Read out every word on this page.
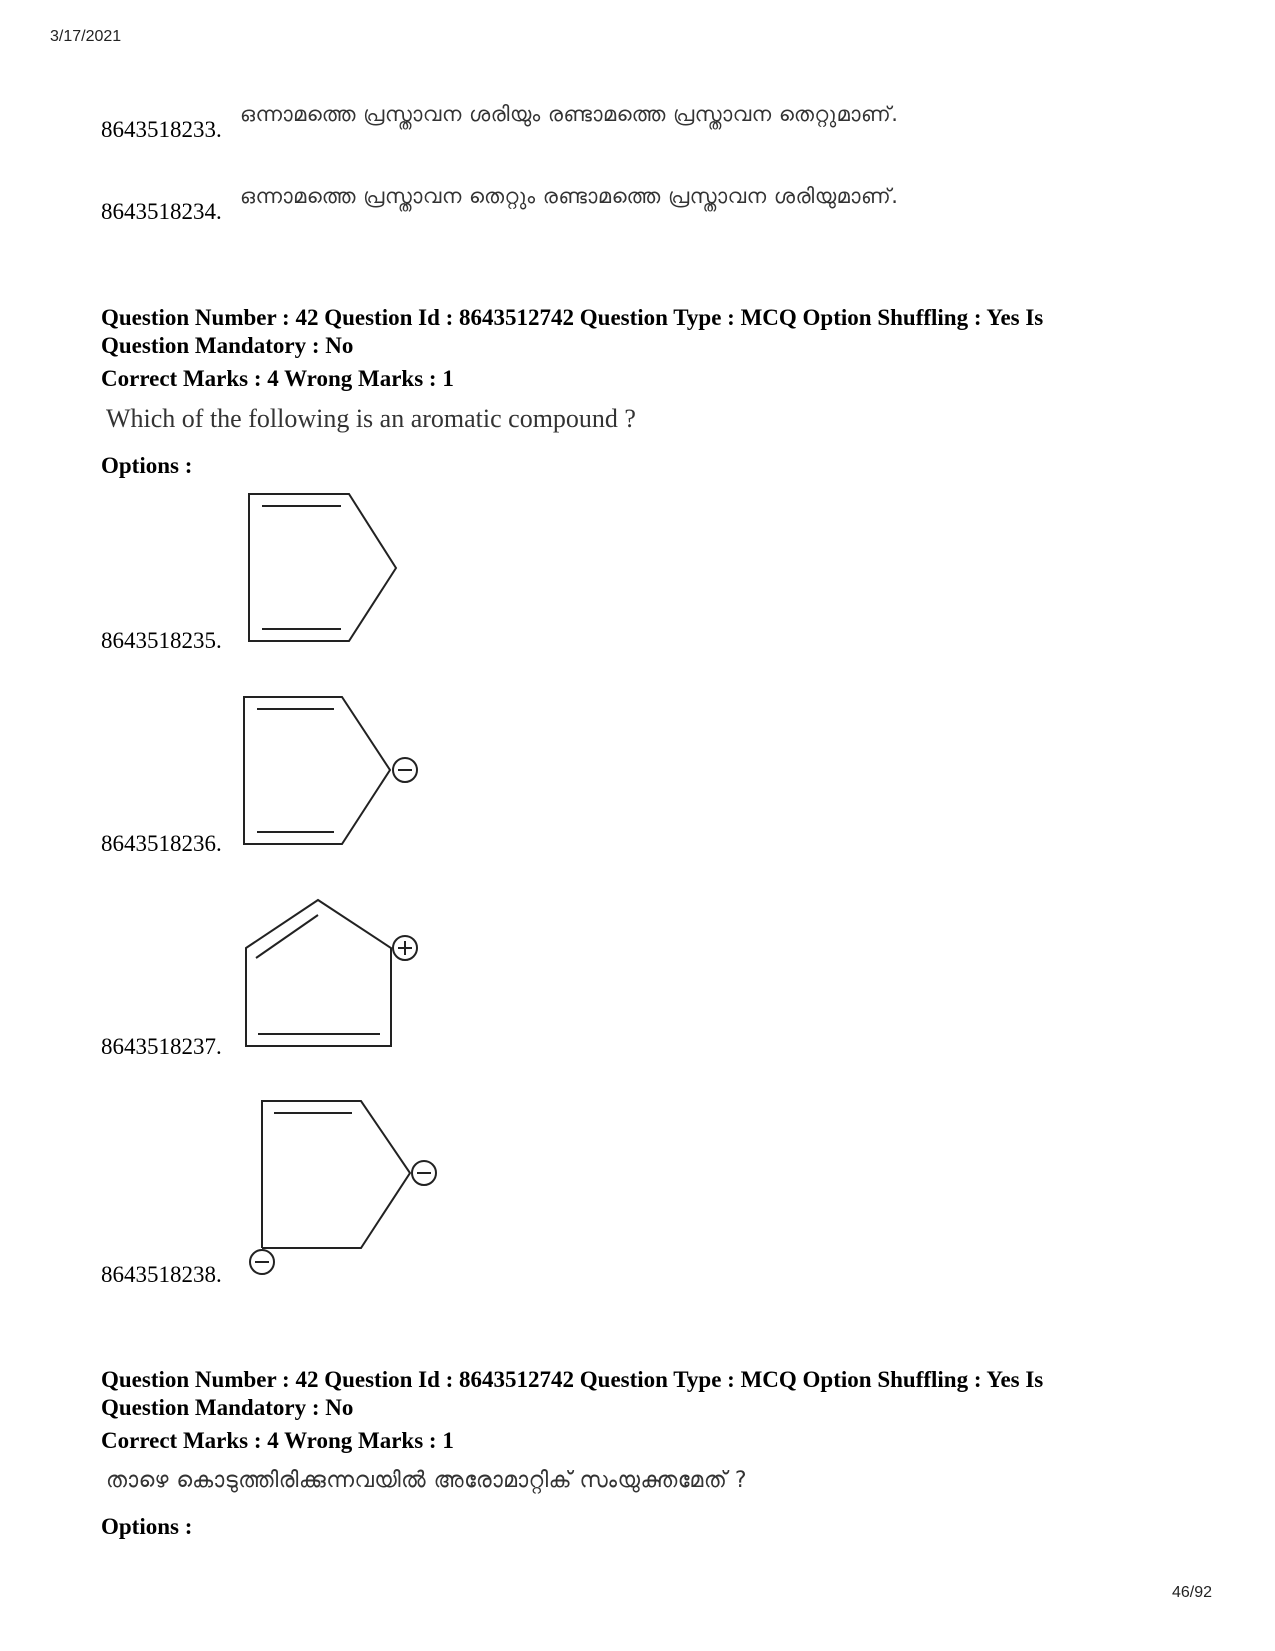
3/17/2021
46/92
8643518233.
ഒന്നാമത്തെ പ്രസ്താവന ശരിയും രണ്ടാമത്തെ പ്രസ്താവന തെറ്റുമാണ്.
8643518234.
ഒന്നാമത്തെ പ്രസ്താവന തെറ്റും രണ്ടാമത്തെ പ്രസ്താവന ശരിയുമാണ്.
Question Number : 42 Question Id : 8643512742 Question Type : MCQ Option Shuffling : Yes Is
Question Mandatory : No
Correct Marks : 4 Wrong Marks : 1
Which of the following is an aromatic compound ?
Options :
8643518235.
8643518236.
8643518237.
8643518238.
Question Number : 42 Question Id : 8643512742 Question Type : MCQ Option Shuffling : Yes Is
Question Mandatory : No
Correct Marks : 4 Wrong Marks : 1
താഴെ കൊടുത്തിരിക്കുന്നവയിൽ അരോമാറ്റിക് സംയുക്തമേത് ?
Options :
